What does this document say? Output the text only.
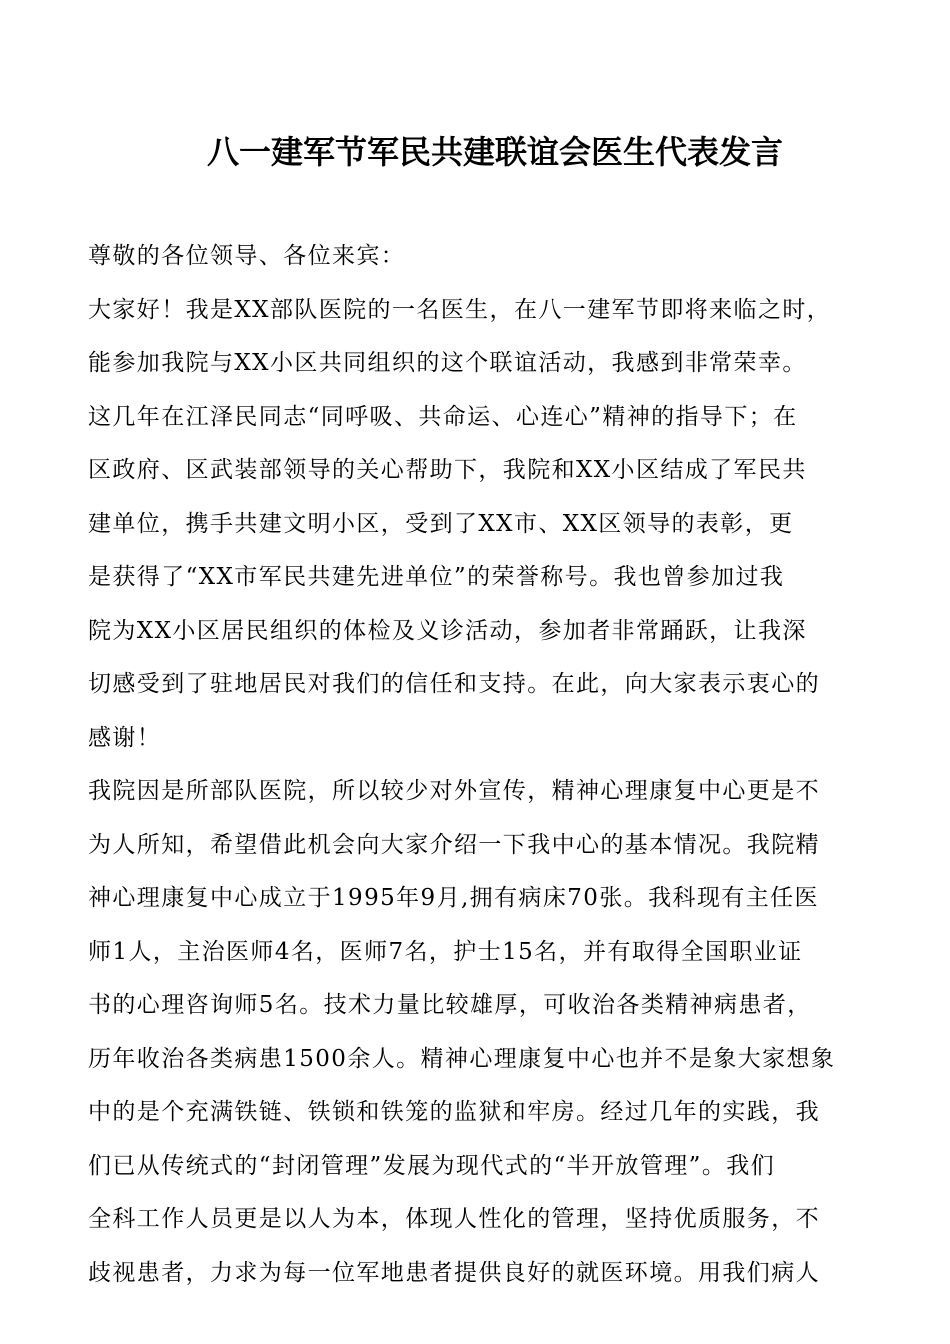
八一建军节军民共建联谊会医生代表发言
尊敬的各位领导、各位来宾：
大家好！我是XX部队医院的一名医生，在八一建军节即将来临之时，
能参加我院与XX小区共同组织的这个联谊活动，我感到非常荣幸。
这几年在江泽民同志“同呼吸、共命运、心连心”精神的指导下；在
区政府、区武装部领导的关心帮助下，我院和XX小区结成了军民共
建单位，携手共建文明小区，受到了XX市、XX区领导的表彰，更
是获得了“XX市军民共建先进单位”的荣誉称号。我也曾参加过我
院为XX小区居民组织的体检及义诊活动，参加者非常踊跃，让我深
切感受到了驻地居民对我们的信任和支持。在此，向大家表示衷心的
感谢！
我院因是所部队医院，所以较少对外宣传，精神心理康复中心更是不
为人所知，希望借此机会向大家介绍一下我中心的基本情况。我院精
神心理康复中心成立于1995年9月,拥有病床70张。我科现有主任医
师1人，主治医师4名，医师7名，护士15名，并有取得全国职业证
书的心理咨询师5名。技术力量比较雄厚，可收治各类精神病患者，
历年收治各类病患1500余人。精神心理康复中心也并不是象大家想象
中的是个充满铁链、铁锁和铁笼的监狱和牢房。经过几年的实践，我
们已从传统式的“封闭管理”发展为现代式的“半开放管理”。我们
全科工作人员更是以人为本，体现人性化的管理，坚持优质服务，不
歧视患者，力求为每一位军地患者提供良好的就医环境。用我们病人
